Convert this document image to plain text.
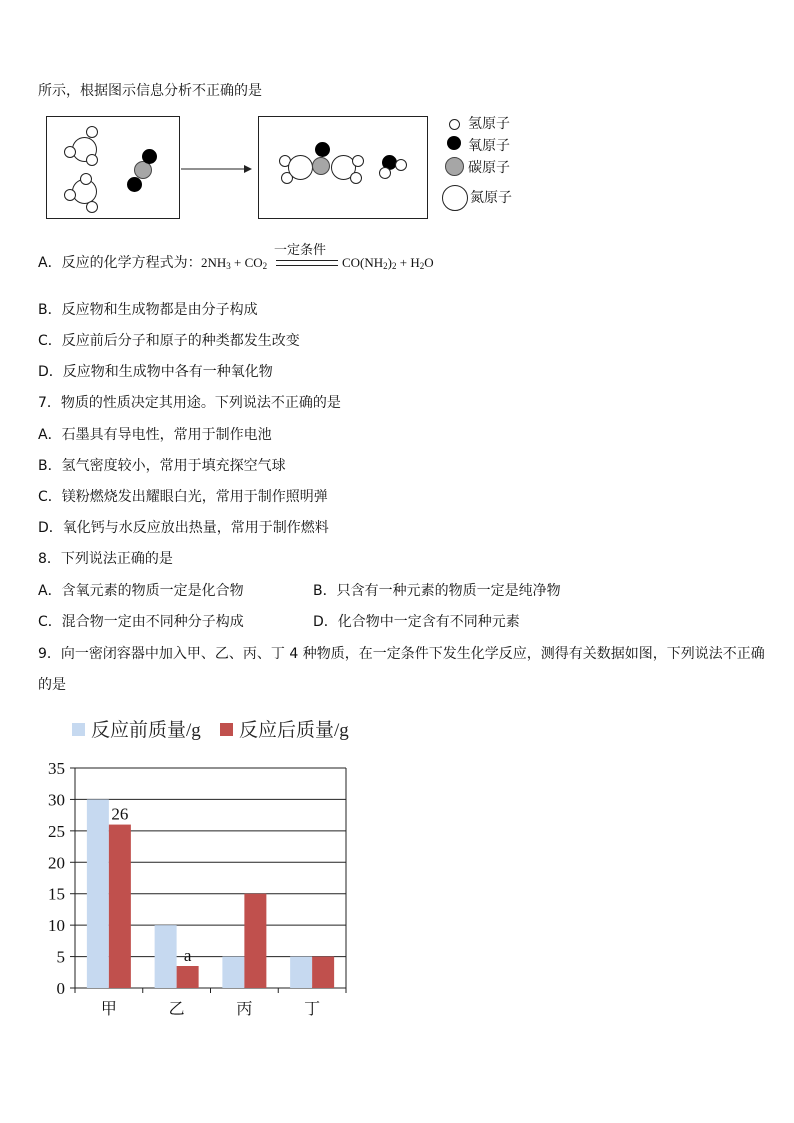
所示，根据图示信息分析不正确的是
氢原子
氧原子
碳原子
氮原子
A．反应的化学方程式为： $2NH_3 + CO_2$
一定条件
$CO(NH_2)_2 + H_2O$
B．反应物和生成物都是由分子构成
C．反应前后分子和原子的种类都发生改变
D．反应物和生成物中各有一种氧化物
7．物质的性质决定其用途。下列说法不正确的是
A．石墨具有导电性，常用于制作电池
B．氢气密度较小，常用于填充探空气球
C．镁粉燃烧发出耀眼白光，常用于制作照明弹
D．氧化钙与水反应放出热量，常用于制作燃料
8．下列说法正确的是
A．含氧元素的物质一定是化合物	B．只含有一种元素的物质一定是纯净物
C．混合物一定由不同种分子构成	D．化合物中一定含有不同种元素
9．向一密闭容器中加入甲、乙、丙、丁 4 种物质，在一定条件下发生化学反应，测得有关数据如图，下列说法不正确
的是
反应前质量/g 反应后质量/g
0
5
10
15
20
25
30
35
甲	乙	丙	丁
26
a
